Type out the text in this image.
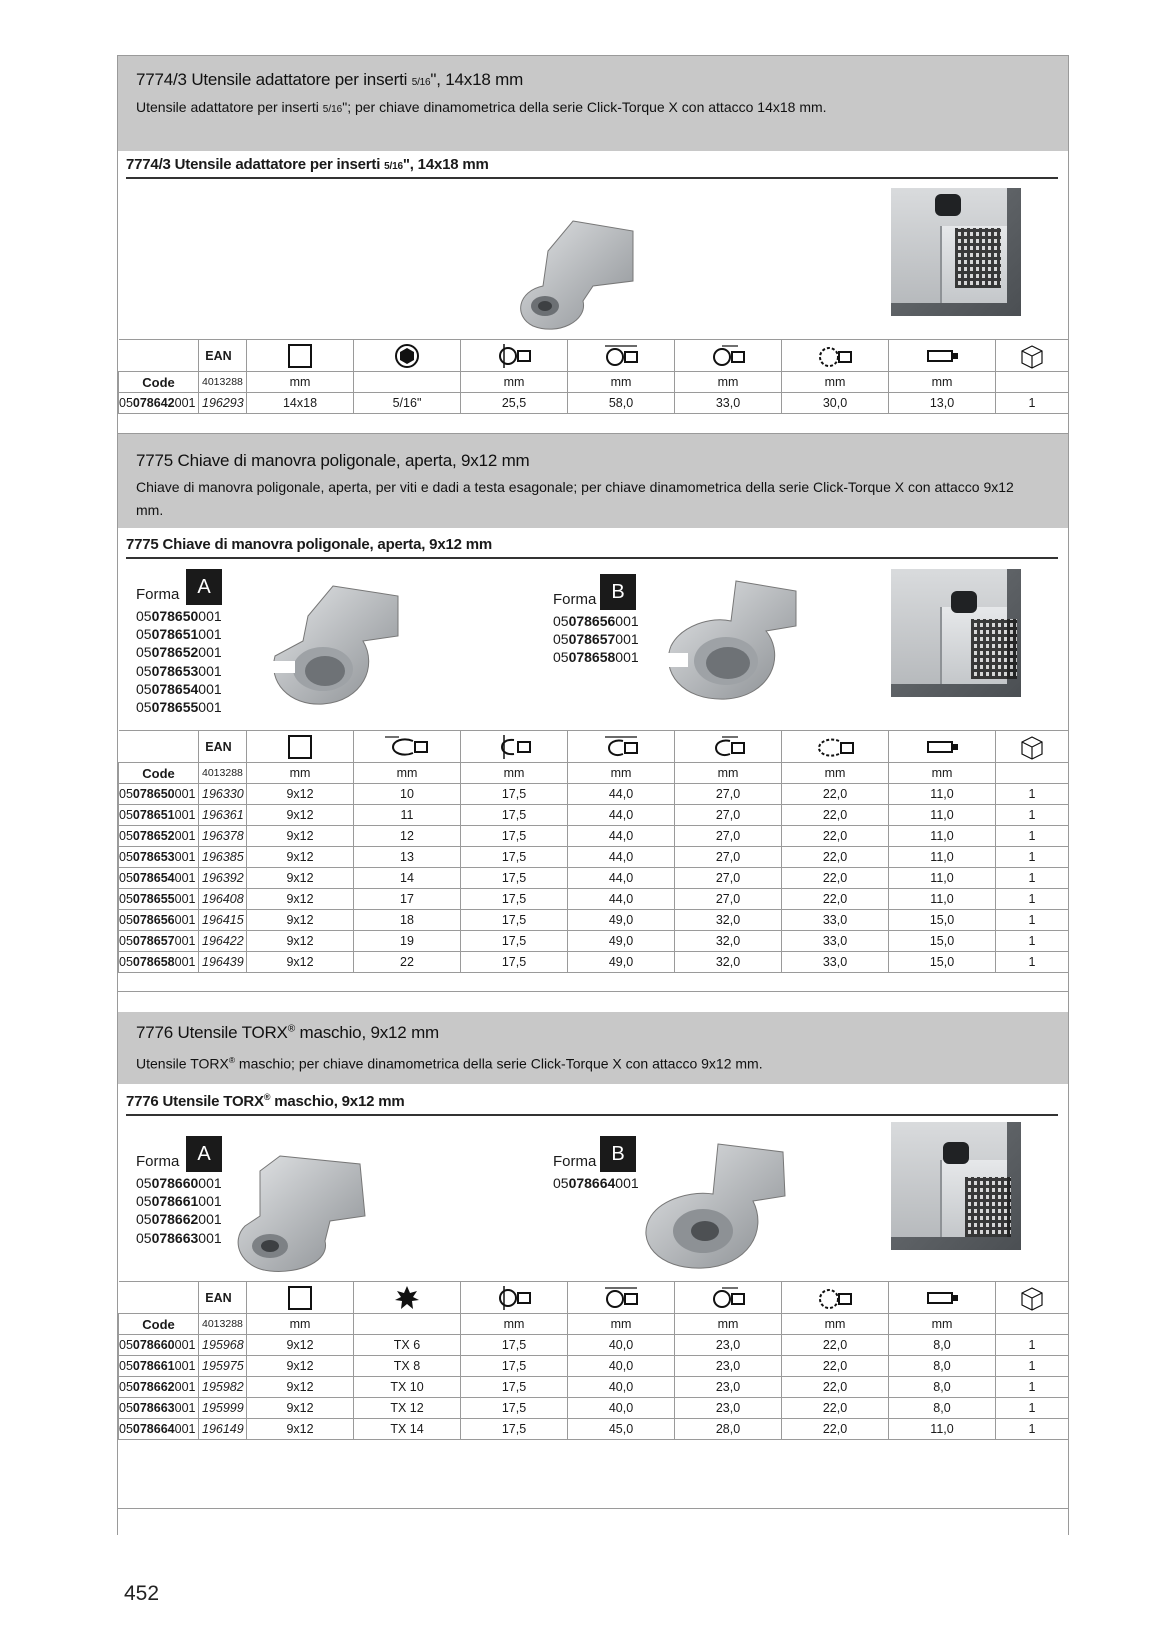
7774/3 Utensile adattatore per inserti 5/16", 14x18 mm
Utensile adattatore per inserti 5/16"; per chiave dinamometrica della serie Click-Torque X con attacco 14x18 mm.
7774/3 Utensile adattatore per inserti 5/16", 14x18 mm
	EAN	

Code	4013288	mm		mm	mm	mm	mm	mm	
05078642001	196293	14x18	5/16"	25,5	58,0	33,0	30,0	13,0	1
7775 Chiave di manovra poligonale, aperta, 9x12 mm
Chiave di manovra poligonale, aperta, per viti e dadi a testa esagonale; per chiave dinamometrica della serie Click-Torque X con attacco 9x12 mm.
7775 Chiave di manovra poligonale, aperta, 9x12 mm
Forma A
05078650001
05078651001
05078652001
05078653001
05078654001
05078655001
Forma B
05078656001
05078657001
05078658001
	EAN	

Code	4013288	mm	mm	mm	mm	mm	mm	mm	
05078650001	196330	9x12	10	17,5	44,0	27,0	22,0	11,0	1
05078651001	196361	9x12	11	17,5	44,0	27,0	22,0	11,0	1
05078652001	196378	9x12	12	17,5	44,0	27,0	22,0	11,0	1
05078653001	196385	9x12	13	17,5	44,0	27,0	22,0	11,0	1
05078654001	196392	9x12	14	17,5	44,0	27,0	22,0	11,0	1
05078655001	196408	9x12	17	17,5	44,0	27,0	22,0	11,0	1
05078656001	196415	9x12	18	17,5	49,0	32,0	33,0	15,0	1
05078657001	196422	9x12	19	17,5	49,0	32,0	33,0	15,0	1
05078658001	196439	9x12	22	17,5	49,0	32,0	33,0	15,0	1
7776 Utensile TORX® maschio, 9x12 mm
Utensile TORX® maschio; per chiave dinamometrica della serie Click-Torque X con attacco 9x12 mm.
7776 Utensile TORX® maschio, 9x12 mm
Forma A
05078660001
05078661001
05078662001
05078663001
Forma B
05078664001
	EAN	

Code	4013288	mm		mm	mm	mm	mm	mm	
05078660001	195968	9x12	TX 6	17,5	40,0	23,0	22,0	8,0	1
05078661001	195975	9x12	TX 8	17,5	40,0	23,0	22,0	8,0	1
05078662001	195982	9x12	TX 10	17,5	40,0	23,0	22,0	8,0	1
05078663001	195999	9x12	TX 12	17,5	40,0	23,0	22,0	8,0	1
05078664001	196149	9x12	TX 14	17,5	45,0	28,0	22,0	11,0	1
452
